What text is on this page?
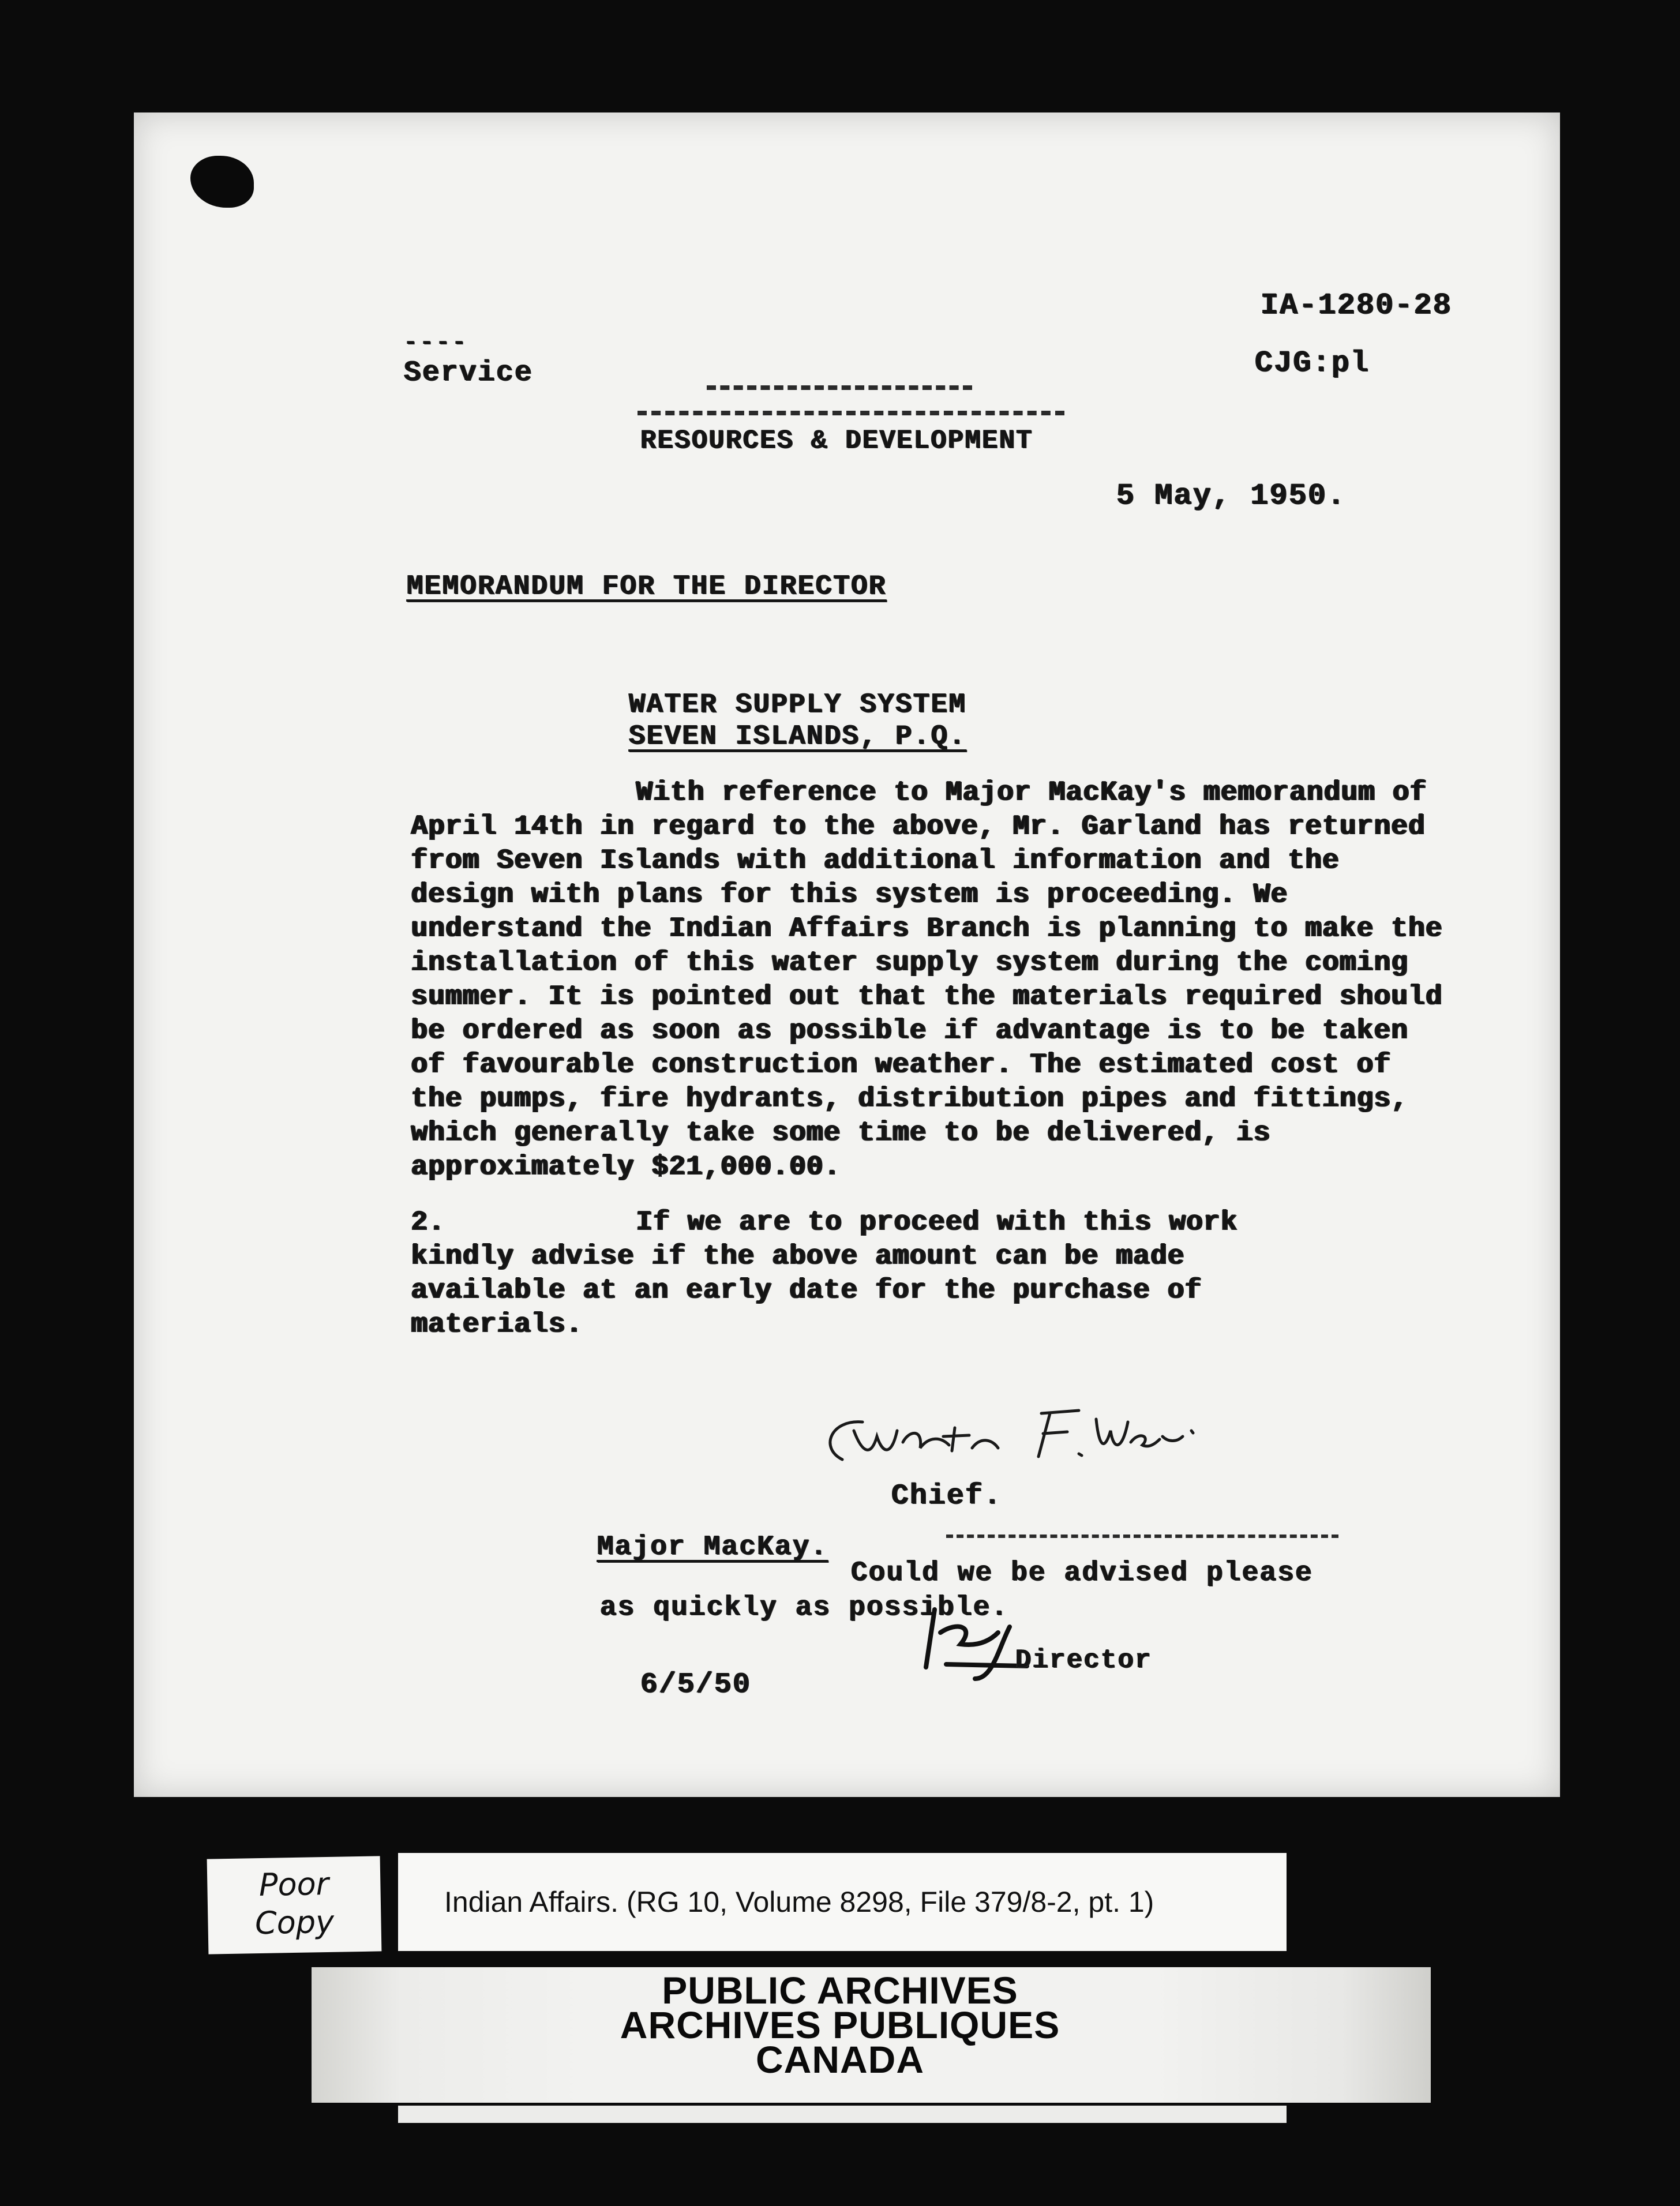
IA-1280-28
CJG:pl
----
Service
RESOURCES & DEVELOPMENT
5 May, 1950.
MEMORANDUM FOR THE DIRECTOR
WATER SUPPLY SYSTEM
SEVEN ISLANDS, P.Q.

With reference to Major MacKay's memorandum of April 14th in regard to the above, Mr. Garland has returned from Seven Islands with additional information and the design with plans for this system is proceeding. We understand the Indian Affairs Branch is planning to make the installation of this water supply system during the coming summer. It is pointed out that the materials required should be ordered as soon as possible if advantage is to be taken of favourable construction weather. The estimated cost of the pumps, fire hydrants, distribution pipes and fittings, which generally take some time to be delivered, is approximately $21,000.00.

2.	If we are to proceed with this work kindly advise if the above amount can be made available at an early date for the purchase of materials.

Chief.
Major MacKay.
Could we be advised please
as quickly as possible.
Director
6/5/50
Poor
Copy
Indian Affairs. (RG 10, Volume 8298, File 379/8-2, pt. 1)
PUBLIC ARCHIVES
ARCHIVES PUBLIQUES
CANADA
